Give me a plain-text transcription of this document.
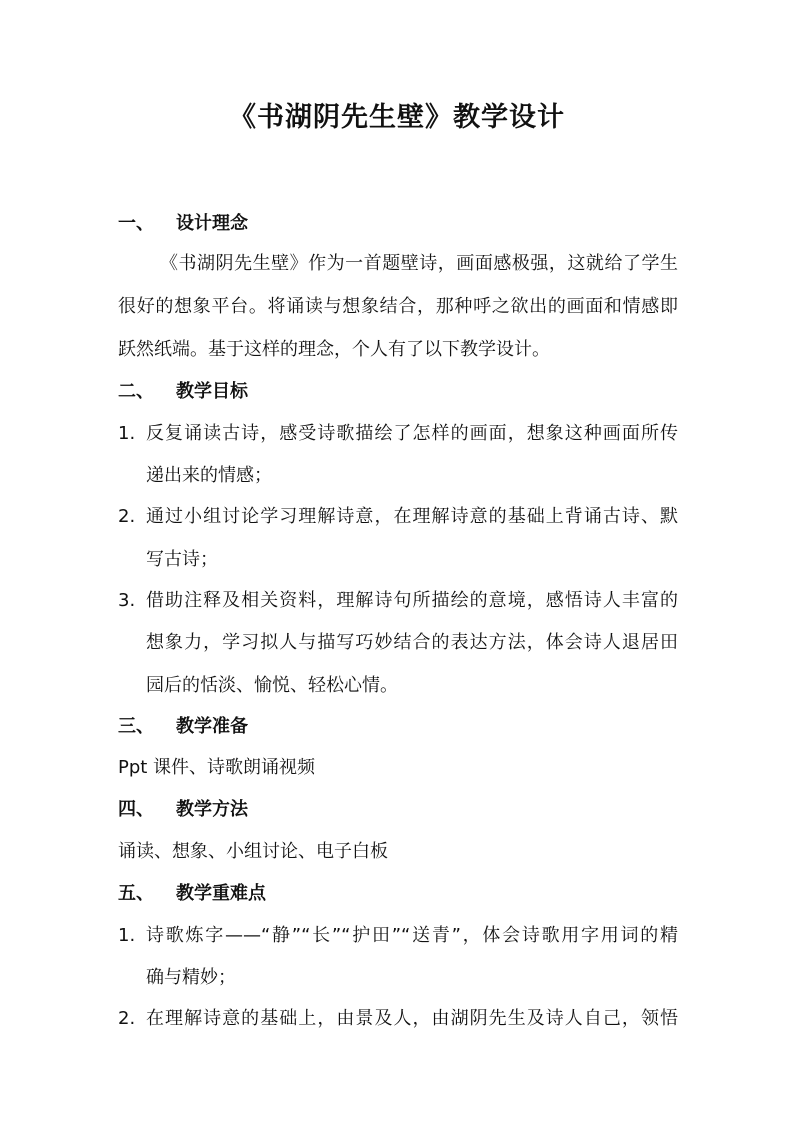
《书湖阴先生壁》教学设计
一、 设计理念
《书湖阴先生壁》作为一首题壁诗，画面感极强，这就给了学生
很好的想象平台。将诵读与想象结合，那种呼之欲出的画面和情感即
跃然纸端。基于这样的理念，个人有了以下教学设计。
二、 教学目标
1. 反复诵读古诗，感受诗歌描绘了怎样的画面，想象这种画面所传
递出来的情感；
2. 通过小组讨论学习理解诗意，在理解诗意的基础上背诵古诗、默
写古诗；
3. 借助注释及相关资料，理解诗句所描绘的意境，感悟诗人丰富的
想象力，学习拟人与描写巧妙结合的表达方法，体会诗人退居田
园后的恬淡、愉悦、轻松心情。
三、 教学准备
Ppt 课件、诗歌朗诵视频
四、 教学方法
诵读、想象、小组讨论、电子白板
五、 教学重难点
1. 诗歌炼字——“静”“长”“护田”“送青”，体会诗歌用字用词的精
确与精妙；
2. 在理解诗意的基础上，由景及人，由湖阴先生及诗人自己，领悟
